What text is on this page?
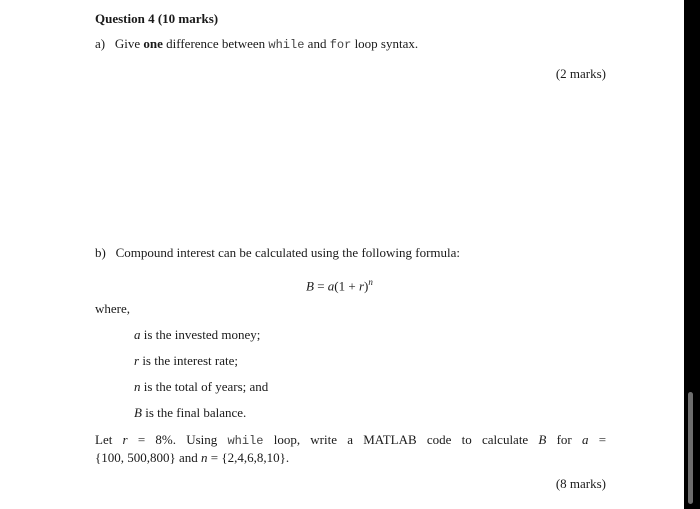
Question 4 (10 marks)
a) Give one difference between while and for loop syntax.
(2 marks)
b) Compound interest can be calculated using the following formula:
$B = a(1 + r)^n$
where,
a is the invested money;
r is the interest rate;
n is the total of years; and
B is the final balance.
Let r = 8%. Using while loop, write a MATLAB code to calculate B for a =
{100, 500,800} and n = {2,4,6,8,10}.
(8 marks)
